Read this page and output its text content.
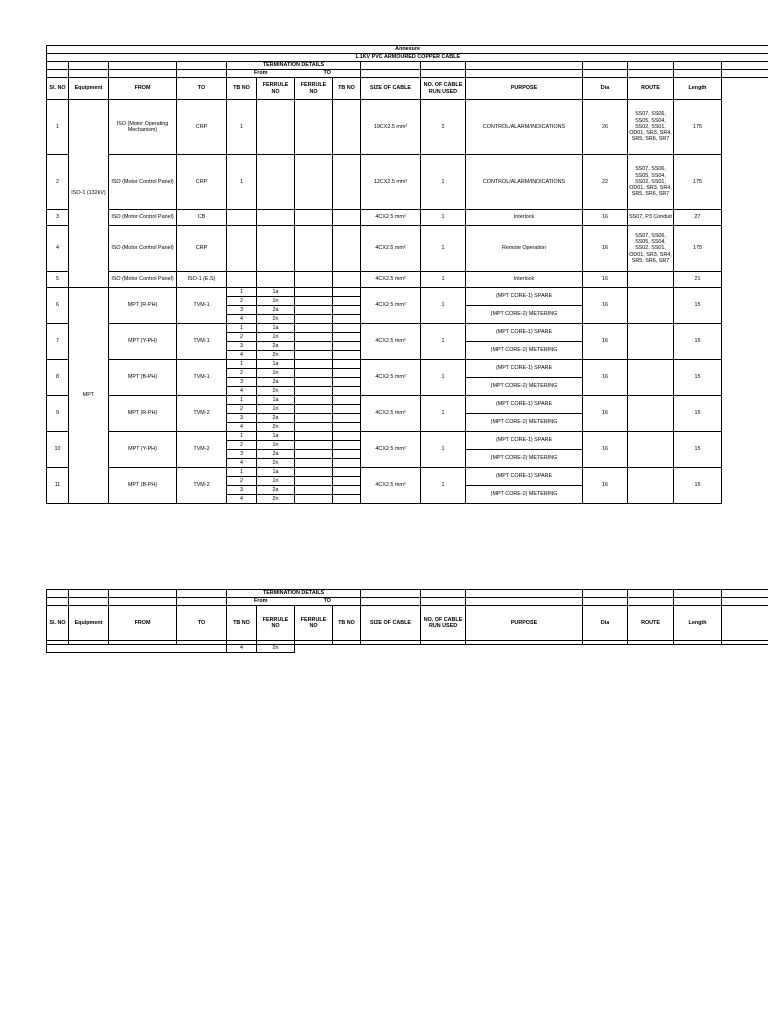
Annexure														
1.1KV PVC ARMOURED COPPER CABLE														
				TERMINATION DETAILS										
				From		TO								
Sl. NO	Equipment	FROM	TO	TB NO	FERRULE NO	FERRULE NO	TB NO	SIZE OF CABLE	NO. OF CABLE RUN USED	PURPOSE	Dia	ROUTE	Length	
1	ISO-1 (132kV)	ISO (Motor Operating Mechanism)	CRP	1				19CX2.5 mm²	2	CONTROL/ALARM/INDICATIONS	26	SS07, SS06, SS05, SS04, SS02, SS01, OD01, SR3, SR4, SR5, SR6, SR7	175	
2		ISO (Motor Control Panel)	CRP	1				12CX2.5 mm²	1	CONTROL/ALARM/INDICATIONS	22	SS07, SS06, SS05, SS04, SS02, SS01, OD01, SR3, SR4, SR5, SR6, SR7	175	
3		ISO (Motor Control Panel)	CB					4CX2.5 mm²	1	Interlock	16	SS07, P3 Conduit	27	
4		ISO (Motor Control Panel)	CRP					4CX2.5 mm²	1	Remote Operation	16	SS07, SS06, SS05, SS04, SS02, SS01, OD01, SR3, SR4, SR5, SR6, SR7	175	
5		ISO (Motor Control Panel)	ISO-1 (E.S)					4CX2.5 mm²	1	Interlock	16		21	
6	MPT	MPT (R-PH)	TVM-1	1	1a			4CX2.5 mm²	1	(MPT CORE-1) SPARE	16		15	
				2	1n									
				3	2a					(MPT CORE-2) METERING				
				4	2n									
7		MPT (Y-PH)	TVM-1	1	1a			4CX2.5 mm²	1	(MPT CORE-1) SPARE	16		15	
				2	1n									
				3	2a					(MPT CORE-2) METERING				
				4	2n									
8		MPT (B-PH)	TVM-1	1	1a			4CX2.5 mm²	1	(MPT CORE-1) SPARE	16		15	
				2	1n									
				3	2a					(MPT CORE-2) METERING				
				4	2n									
9		MPT (R-PH)	TVM-2	1	1a			4CX2.5 mm²	1	(MPT CORE-1) SPARE	16		15	
				2	1n									
				3	2a					(MPT CORE-2) METERING				
				4	2n									
10		MPT (Y-PH)	TVM-2	1	1a			4CX2.5 mm²	1	(MPT CORE-1) SPARE	16		15	
				2	1n									
				3	2a					(MPT CORE-2) METERING				
				4	2n									
11		MPT (B-PH)	TVM-2	1	1a			4CX2.5 mm²	1	(MPT CORE-1) SPARE	16		15	
				2	1n									
				3	2a					(MPT CORE-2) METERING				
				4	2n									
				TERMINATION DETAILS										
				From		TO								
Sl. NO	Equipment	FROM	TO	TB NO	FERRULE NO	FERRULE NO	TB NO	SIZE OF CABLE	NO. OF CABLE RUN USED	PURPOSE	Dia	ROUTE	Length	

				4	2n									
